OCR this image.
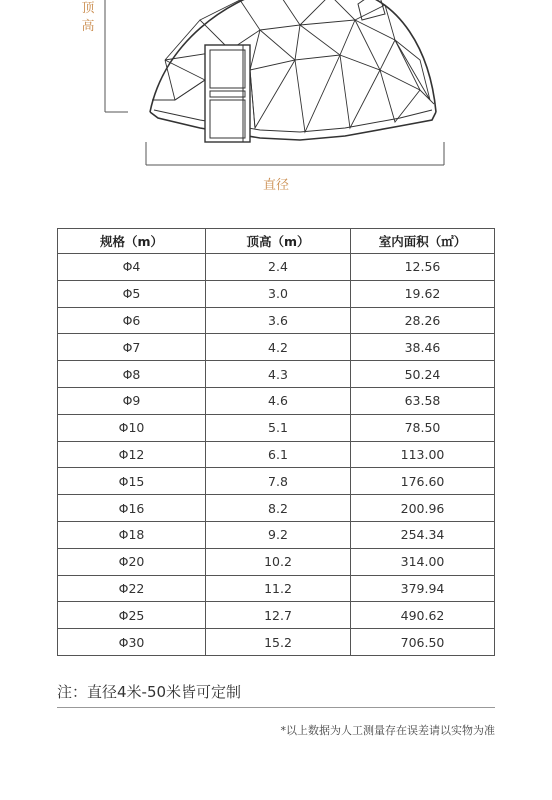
顶高
直径
规格（m）	顶高（m）	室内面积（㎡）
Φ4	2.4	12.56
Φ5	3.0	19.62
Φ6	3.6	28.26
Φ7	4.2	38.46
Φ8	4.3	50.24
Φ9	4.6	63.58
Φ10	5.1	78.50
Φ12	6.1	113.00
Φ15	7.8	176.60
Φ16	8.2	200.96
Φ18	9.2	254.34
Φ20	10.2	314.00
Φ22	11.2	379.94
Φ25	12.7	490.62
Φ30	15.2	706.50
注：直径4米-50米皆可定制
*以上数据为人工测量存在误差请以实物为准
